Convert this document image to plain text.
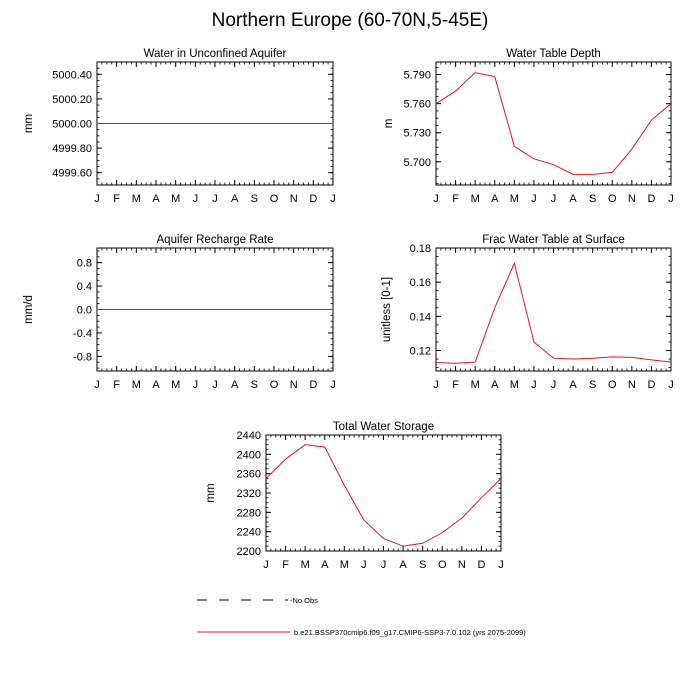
Northern Europe (60-70N,5-45E)
Water in Unconfined Aquifer
J F M A M J J A S O N D J
4999.60
4999.80
5000.00
5000.20
5000.40
mm
Water Table Depth
J F M A M J J A S O N D J
5.700
5.730
5.760
5.790
m
Aquifer Recharge Rate
J F M A M J J A S O N D J
-0.8
-0.4
0.0
0.4
0.8
mm/d
Frac Water Table at Surface
J F M A M J J A S O N D J
0.12
0.14
0.16
0.18
unitless [0-1]
Total Water Storage
J F M A M J J A S O N D J
2200
2240
2280
2320
2360
2400
2440
mm
-No Obs
b.e21.BSSP370cmip6.f09_g17.CMIP6-SSP3-7.0.102 (yrs 2075-2099)
